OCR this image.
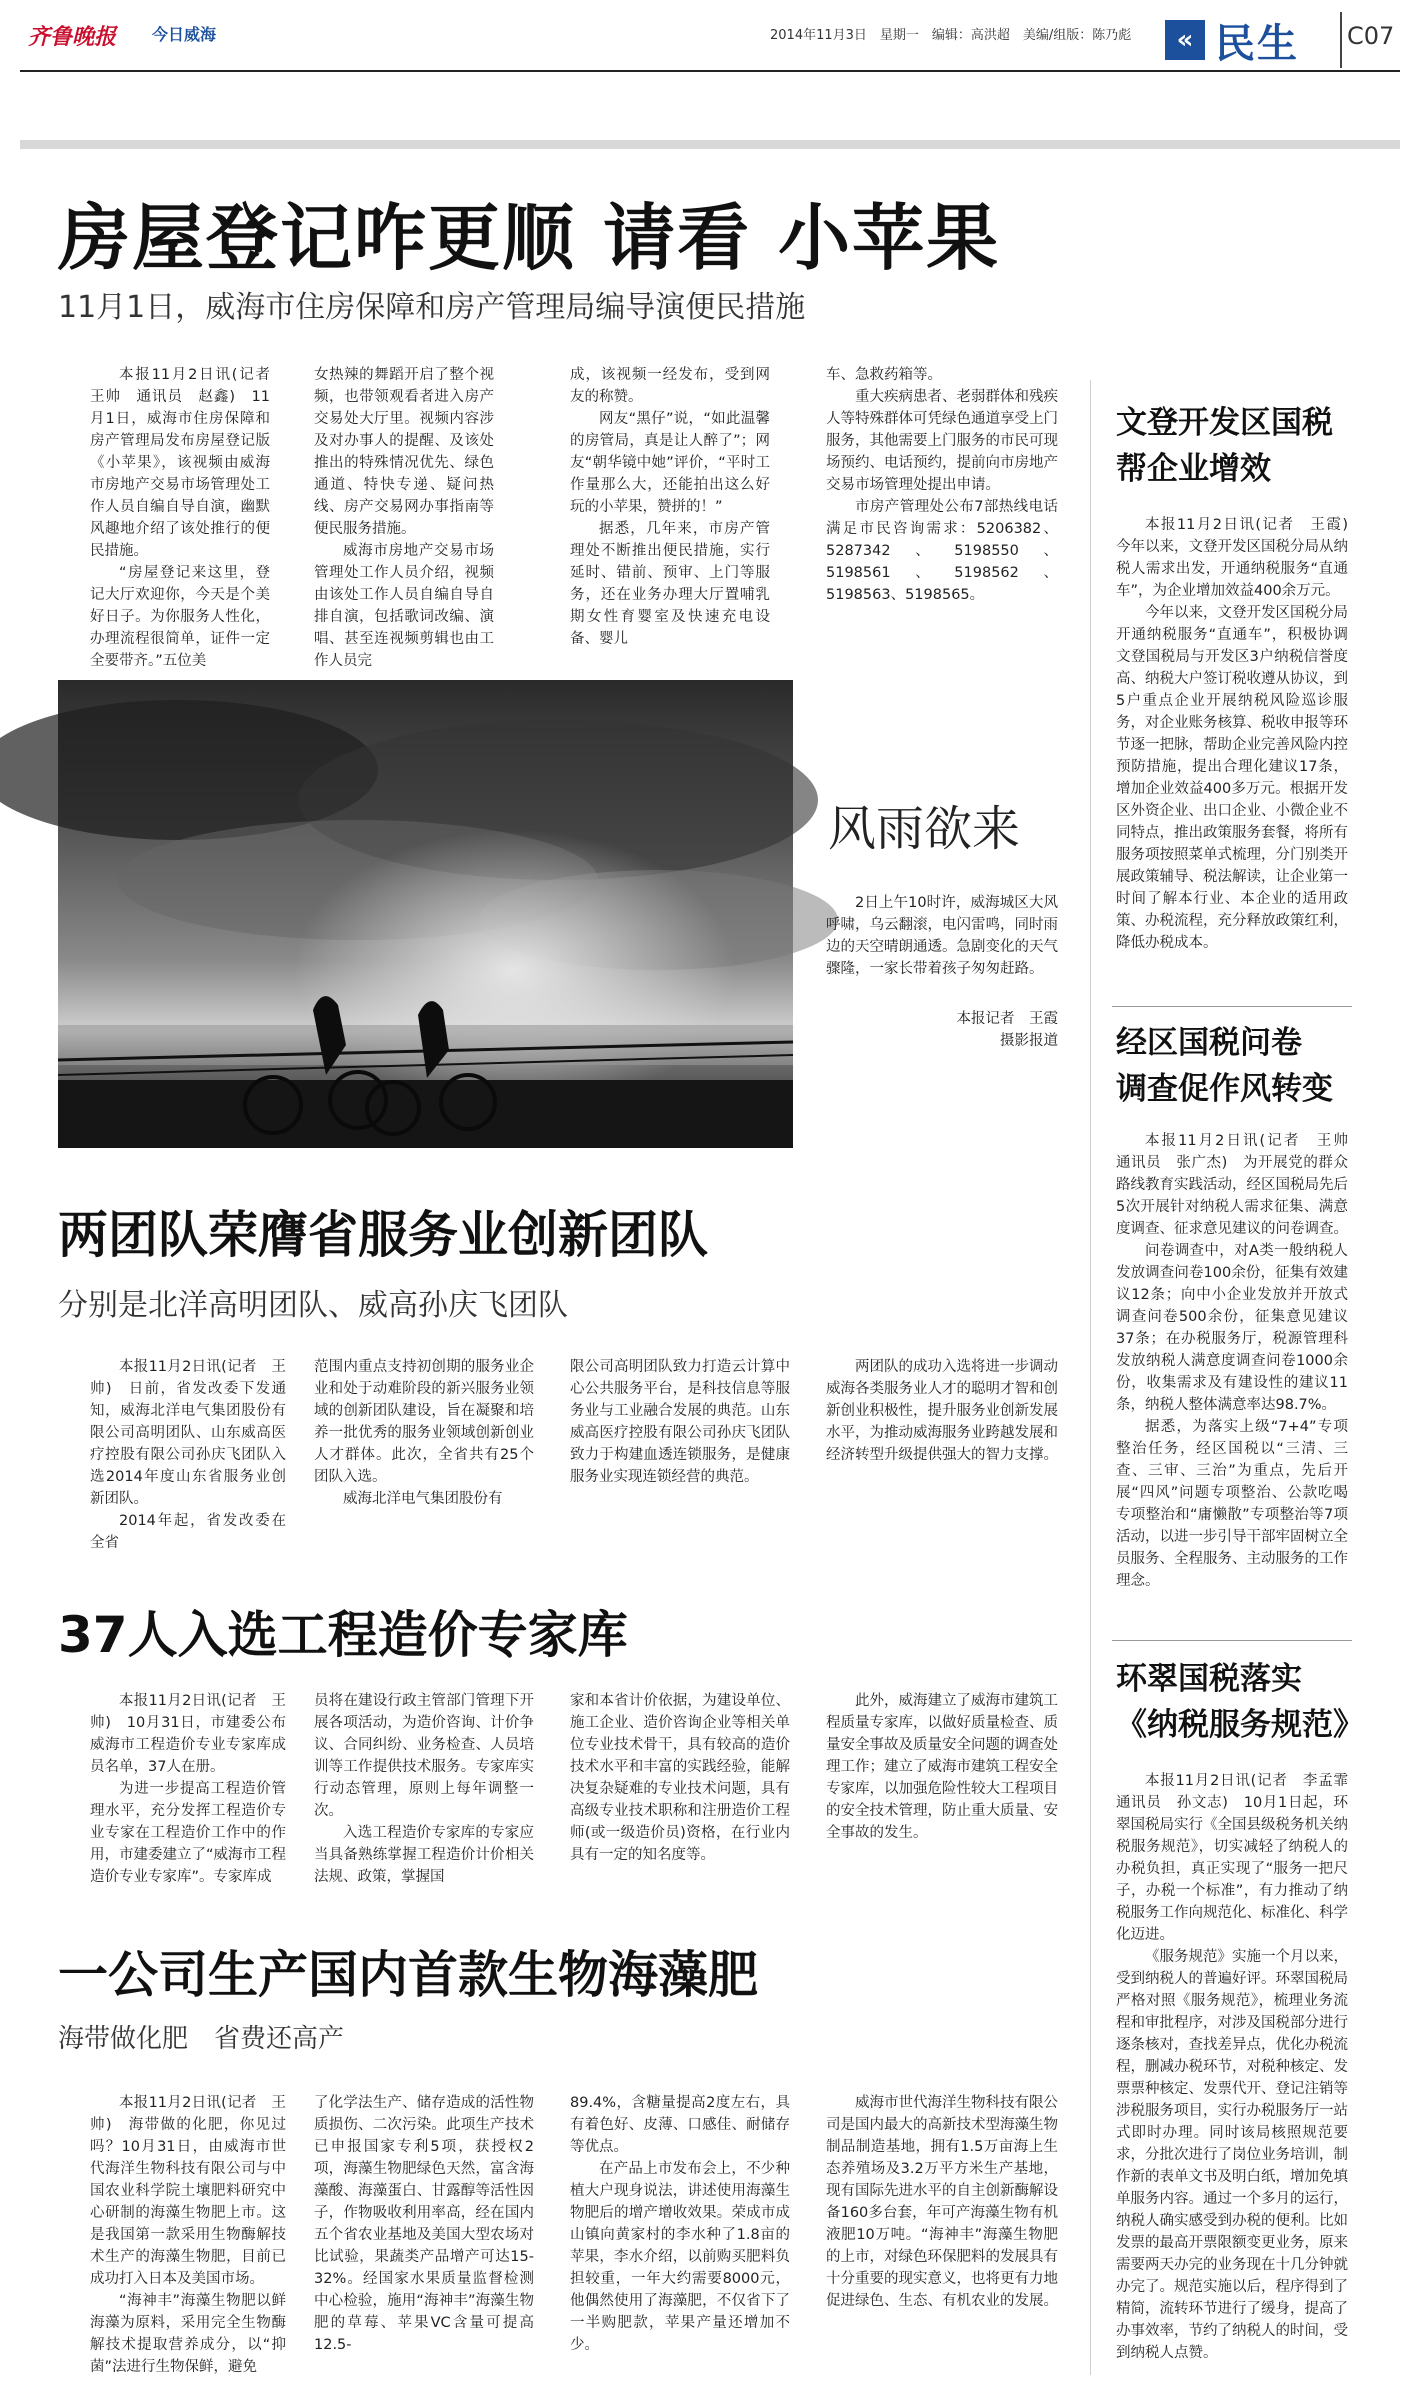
齐鲁晚报 今日威海	2014年11月3日　星期一　编辑：高洪超　美编/组版：陈乃彪	« 民生 C07
房屋登记咋更顺 请看 小苹果
11月1日，威海市住房保障和房产管理局编导演便民措施

本报11月2日讯(记者　王帅　通讯员　赵鑫)　11月1日，威海市住房保障和房产管理局发布房屋登记版《小苹果》，该视频由威海市房地产交易市场管理处工作人员自编自导自演，幽默风趣地介绍了该处推行的便民措施。

“房屋登记来这里，登记大厅欢迎你，今天是个美好日子。为你服务人性化，办理流程很简单，证件一定全要带齐。”五位美

女热辣的舞蹈开启了整个视频，也带领观看者进入房产交易处大厅里。视频内容涉及对办事人的提醒、及该处推出的特殊情况优先、绿色通道、特快专递、疑问热线、房产交易网办事指南等便民服务措施。

威海市房地产交易市场管理处工作人员介绍，视频由该处工作人员自编自导自排自演，包括歌词改编、演唱、甚至连视频剪辑也由工作人员完

成，该视频一经发布，受到网友的称赞。

网友“黑仔”说，“如此温馨的房管局，真是让人醉了”；网友“朝华镜中她”评价，“平时工作量那么大，还能拍出这么好玩的小苹果，赞拼的！”

据悉，几年来，市房产管理处不断推出便民措施，实行延时、错前、预审、上门等服务，还在业务办理大厅置哺乳期女性育婴室及快速充电设备、婴儿

车、急救药箱等。

重大疾病患者、老弱群体和残疾人等特殊群体可凭绿色通道享受上门服务，其他需要上门服务的市民可现场预约、电话预约，提前向市房地产交易市场管理处提出申请。

市房产管理处公布7部热线电话满足市民咨询需求：5206382、5287342、5198550、5198561、5198562、5198563、5198565。

风雨欲来

2日上午10时许，威海城区大风呼啸，乌云翻滚，电闪雷鸣，同时雨边的天空晴朗通透。急剧变化的天气骤隆，一家长带着孩子匆匆赶路。

本报记者　王霞
摄影报道
两团队荣膺省服务业创新团队
分别是北洋高明团队、威高孙庆飞团队

本报11月2日讯(记者　王帅)　日前，省发改委下发通知，威海北洋电气集团股份有限公司高明团队、山东威高医疗控股有限公司孙庆飞团队入选2014年度山东省服务业创新团队。

2014年起，省发改委在全省

范围内重点支持初创期的服务业企业和处于动难阶段的新兴服务业领域的创新团队建设，旨在凝聚和培养一批优秀的服务业领域创新创业人才群体。此次，全省共有25个团队入选。

威海北洋电气集团股份有

限公司高明团队致力打造云计算中心公共服务平台，是科技信息等服务业与工业融合发展的典范。山东威高医疗控股有限公司孙庆飞团队致力于构建血透连锁服务，是健康服务业实现连锁经营的典范。

两团队的成功入选将进一步调动威海各类服务业人才的聪明才智和创新创业积极性，提升服务业创新发展水平，为推动威海服务业跨越发展和经济转型升级提供强大的智力支撑。

37人入选工程造价专家库

本报11月2日讯(记者　王帅)　10月31日，市建委公布威海市工程造价专业专家库成员名单，37人在册。

为进一步提高工程造价管理水平，充分发挥工程造价专业专家在工程造价工作中的作用，市建委建立了“威海市工程造价专业专家库”。专家库成

员将在建设行政主管部门管理下开展各项活动，为造价咨询、计价争议、合同纠纷、业务检查、人员培训等工作提供技术服务。专家库实行动态管理，原则上每年调整一次。

入选工程造价专家库的专家应当具备熟练掌握工程造价计价相关法规、政策，掌握国

家和本省计价依据，为建设单位、施工企业、造价咨询企业等相关单位专业技术骨干，具有较高的造价技术水平和丰富的实践经验，能解决复杂疑难的专业技术问题，具有高级专业技术职称和注册造价工程师(或一级造价员)资格，在行业内具有一定的知名度等。

此外，威海建立了威海市建筑工程质量专家库，以做好质量检查、质量安全事故及质量安全问题的调查处理工作；建立了威海市建筑工程安全专家库，以加强危险性较大工程项目的安全技术管理，防止重大质量、安全事故的发生。

一公司生产国内首款生物海藻肥
海带做化肥　省费还高产

本报11月2日讯(记者　王帅)　海带做的化肥，你见过吗？10月31日，由威海市世代海洋生物科技有限公司与中国农业科学院土壤肥料研究中心研制的海藻生物肥上市。这是我国第一款采用生物酶解技术生产的海藻生物肥，目前已成功打入日本及美国市场。

“海神丰”海藻生物肥以鲜海藻为原料，采用完全生物酶解技术提取营养成分，以“抑菌”法进行生物保鲜，避免

了化学法生产、储存造成的活性物质损伤、二次污染。此项生产技术已申报国家专利5项，获授权2项，海藻生物肥绿色天然，富含海藻酸、海藻蛋白、甘露醇等活性因子，作物吸收利用率高，经在国内五个省农业基地及美国大型农场对比试验，果蔬类产品增产可达15-32%。经国家水果质量监督检测中心检验，施用“海神丰”海藻生物肥的草莓、苹果VC含量可提高12.5-

89.4%，含糖量提高2度左右，具有着色好、皮薄、口感佳、耐储存等优点。

在产品上市发布会上，不少种植大户现身说法，讲述使用海藻生物肥后的增产增收效果。荣成市成山镇向黄家村的李水种了1.8亩的苹果，李水介绍，以前购买肥料负担较重，一年大约需要8000元，他偶然使用了海藻肥，不仅省下了一半购肥款，苹果产量还增加不少。

威海市世代海洋生物科技有限公司是国内最大的高新技术型海藻生物制品制造基地，拥有1.5万亩海上生态养殖场及3.2万平方米生产基地，现有国际先进水平的自主创新酶解设备160多台套，年可产海藻生物有机液肥10万吨。“海神丰”海藻生物肥的上市，对绿色环保肥料的发展具有十分重要的现实意义，也将更有力地促进绿色、生态、有机农业的发展。

文登开发区国税
帮企业增效

本报11月2日讯(记者　王霞)　今年以来，文登开发区国税分局从纳税人需求出发，开通纳税服务“直通车”，为企业增加效益400余万元。

今年以来，文登开发区国税分局开通纳税服务“直通车”，积极协调文登国税局与开发区3户纳税信誉度高、纳税大户签订税收遵从协议，到5户重点企业开展纳税风险巡诊服务，对企业账务核算、税收申报等环节逐一把脉，帮助企业完善风险内控预防措施，提出合理化建议17条，增加企业效益400多万元。根据开发区外资企业、出口企业、小微企业不同特点，推出政策服务套餐，将所有服务项按照菜单式梳理，分门别类开展政策辅导、税法解读，让企业第一时间了解本行业、本企业的适用政策、办税流程，充分释放政策红利，降低办税成本。

经区国税问卷
调查促作风转变

本报11月2日讯(记者　王帅　通讯员　张广杰)　为开展党的群众路线教育实践活动，经区国税局先后5次开展针对纳税人需求征集、满意度调查、征求意见建议的问卷调查。

问卷调查中，对A类一般纳税人发放调查问卷100余份，征集有效建议12条；向中小企业发放并开放式调查问卷500余份，征集意见建议37条；在办税服务厅，税源管理科发放纳税人满意度调查问卷1000余份，收集需求及有建设性的建议11条，纳税人整体满意率达98.7%。

据悉，为落实上级“7+4”专项整治任务，经区国税以“三清、三查、三审、三治”为重点，先后开展“四风”问题专项整治、公款吃喝专项整治和“庸懒散”专项整治等7项活动，以进一步引导干部牢固树立全员服务、全程服务、主动服务的工作理念。

环翠国税落实
《纳税服务规范》

本报11月2日讯(记者　李孟霏　通讯员　孙文志)　10月1日起，环翠国税局实行《全国县级税务机关纳税服务规范》，切实减轻了纳税人的办税负担，真正实现了“服务一把尺子，办税一个标准”，有力推动了纳税服务工作向规范化、标准化、科学化迈进。

《服务规范》实施一个月以来，受到纳税人的普遍好评。环翠国税局严格对照《服务规范》，梳理业务流程和审批程序，对涉及国税部分进行逐条核对，查找差异点，优化办税流程，删减办税环节，对税种核定、发票票种核定、发票代开、登记注销等涉税服务项目，实行办税服务厅一站式即时办理。同时该局核照规范要求，分批次进行了岗位业务培训，制作新的表单文书及明白纸，增加免填单服务内容。通过一个多月的运行，纳税人确实感受到办税的便利。比如发票的最高开票限额变更业务，原来需要两天办完的业务现在十几分钟就办完了。规范实施以后，程序得到了精简，流转环节进行了缓身，提高了办事效率，节约了纳税人的时间，受到纳税人点赞。
